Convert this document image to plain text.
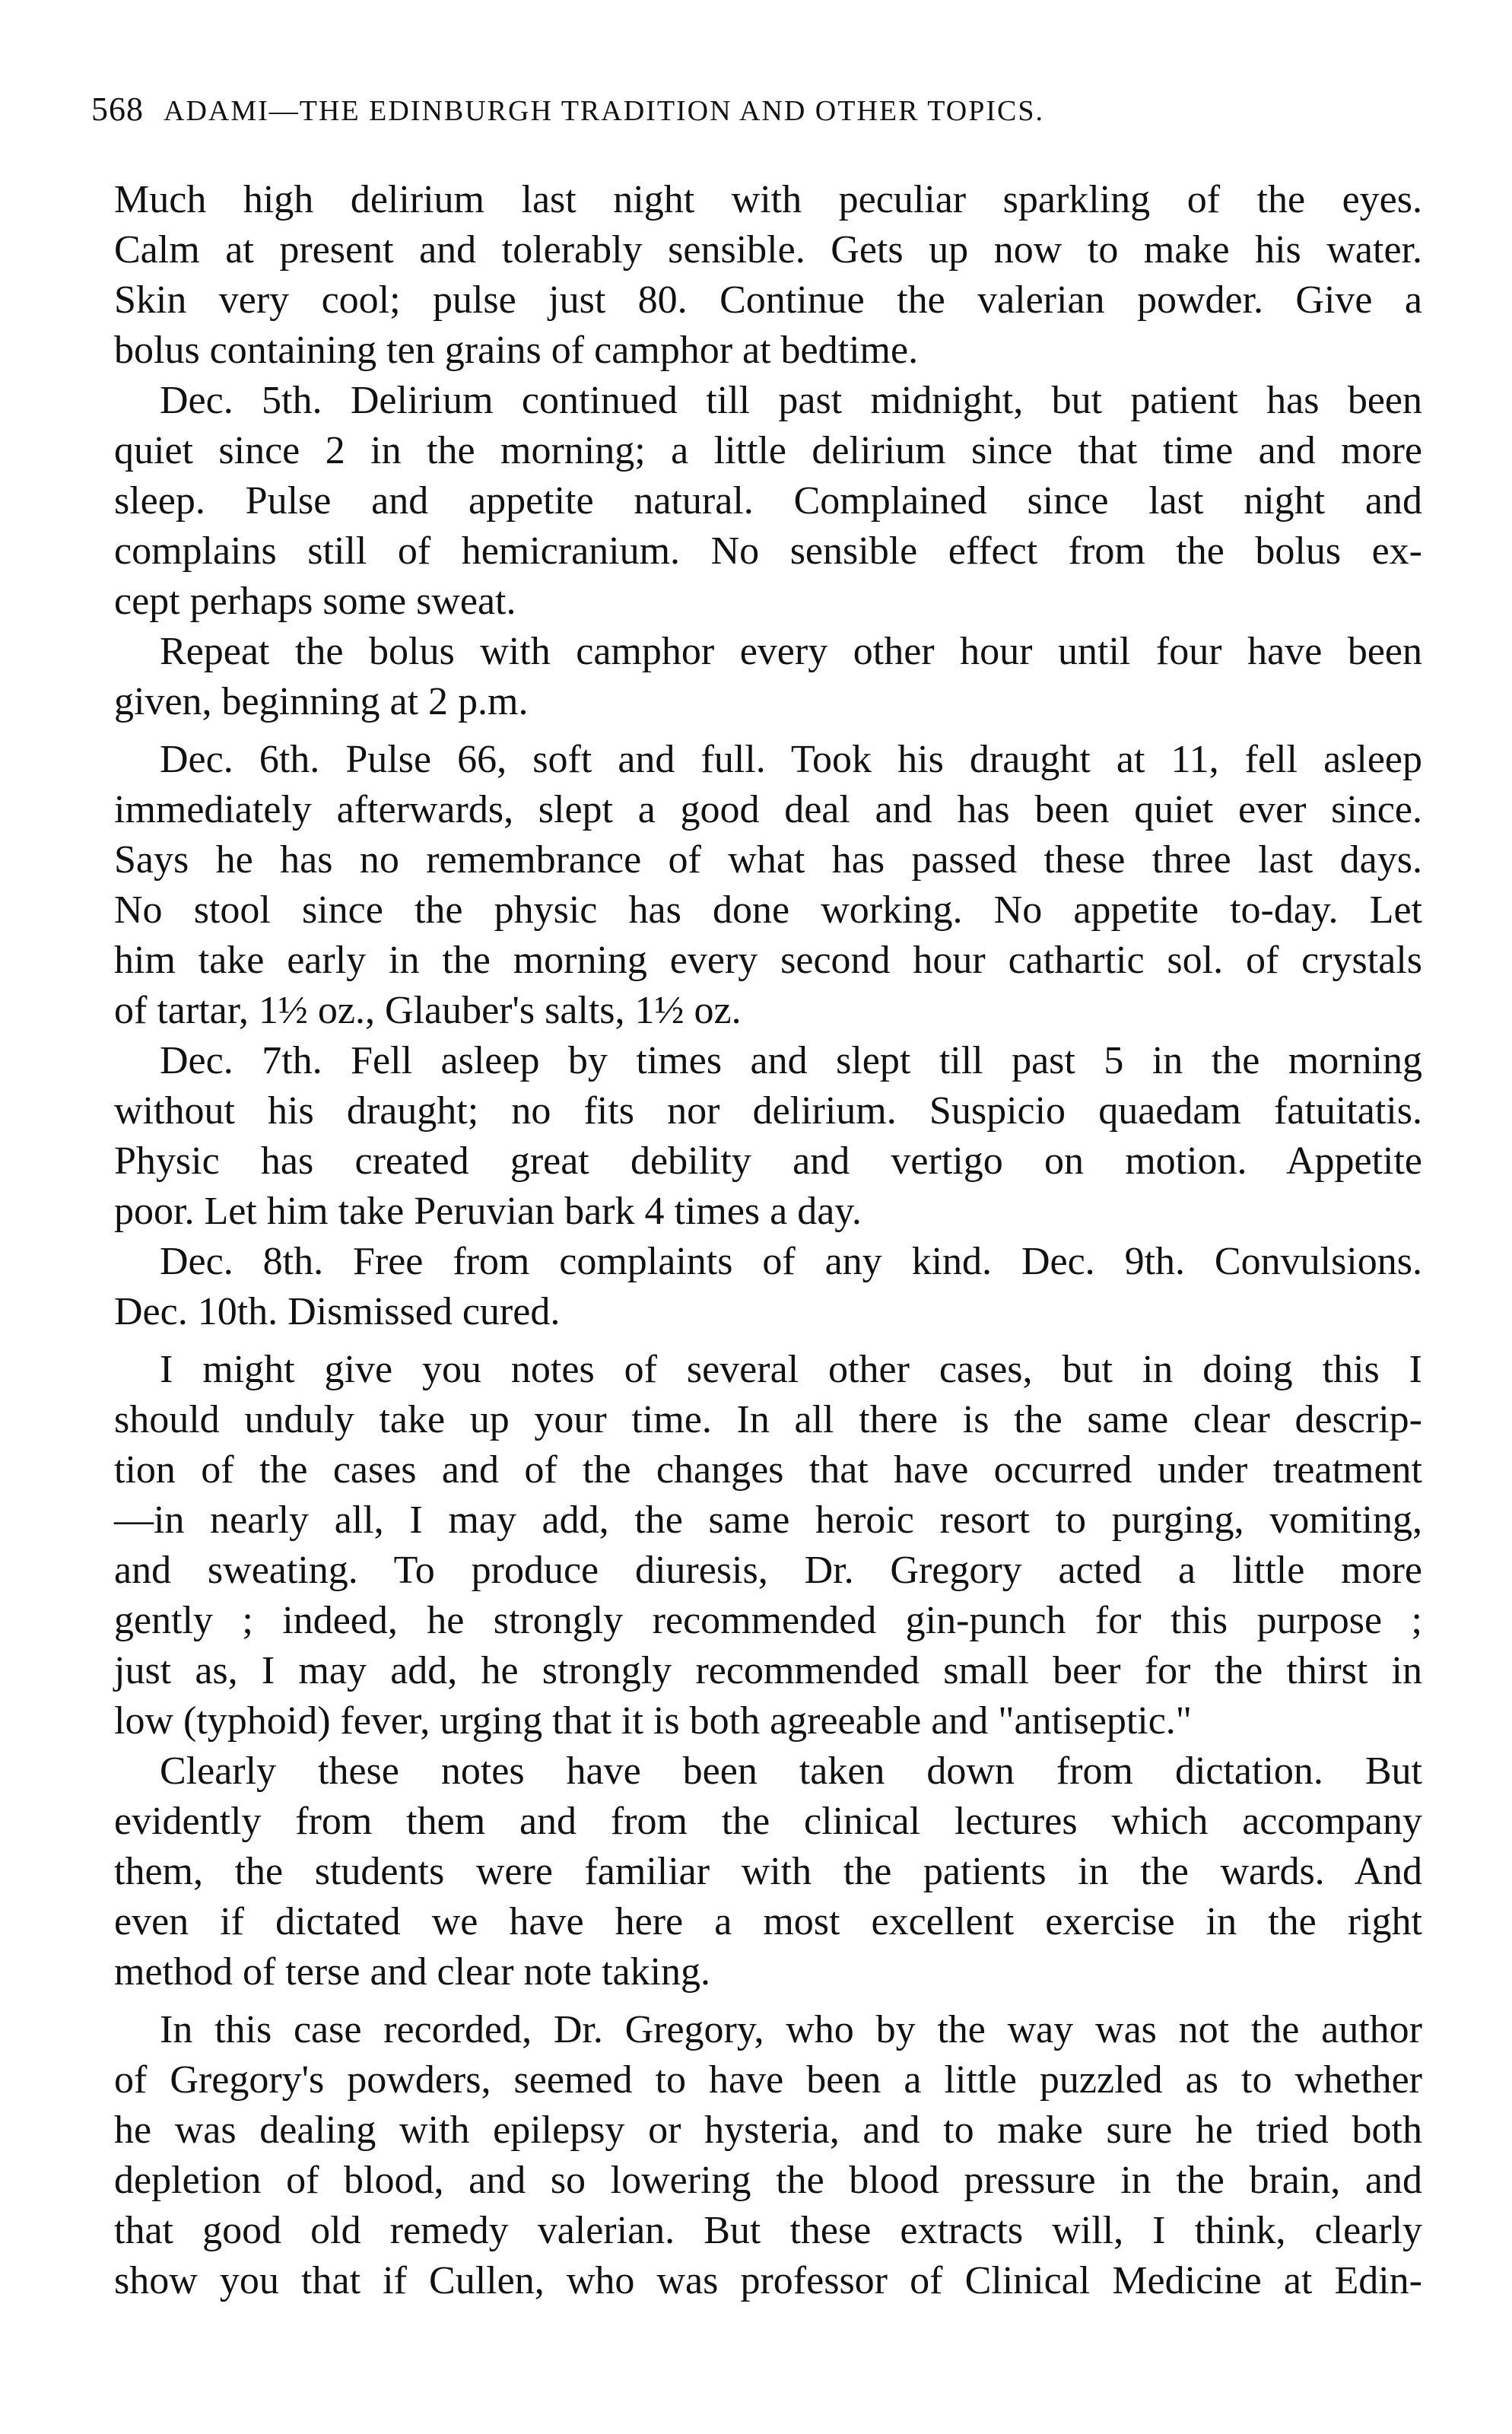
568 ADAMI—THE EDINBURGH TRADITION AND OTHER TOPICS.
Much high delirium last night with peculiar sparkling of the eyes.
Calm at present and tolerably sensible. Gets up now to make his water.
Skin very cool; pulse just 80. Continue the valerian powder. Give a
bolus containing ten grains of camphor at bedtime.
Dec. 5th. Delirium continued till past midnight, but patient has been
quiet since 2 in the morning; a little delirium since that time and more
sleep. Pulse and appetite natural. Complained since last night and
complains still of hemicranium. No sensible effect from the bolus ex-
cept perhaps some sweat.
Repeat the bolus with camphor every other hour until four have been
given, beginning at 2 p.m.
Dec. 6th. Pulse 66, soft and full. Took his draught at 11, fell asleep
immediately afterwards, slept a good deal and has been quiet ever since.
Says he has no remembrance of what has passed these three last days.
No stool since the physic has done working. No appetite to-day. Let
him take early in the morning every second hour cathartic sol. of crystals
of tartar, 1½ oz., Glauber's salts, 1½ oz.
Dec. 7th. Fell asleep by times and slept till past 5 in the morning
without his draught; no fits nor delirium. Suspicio quaedam fatuitatis.
Physic has created great debility and vertigo on motion. Appetite
poor. Let him take Peruvian bark 4 times a day.
Dec. 8th. Free from complaints of any kind. Dec. 9th. Convulsions.
Dec. 10th. Dismissed cured.
I might give you notes of several other cases, but in doing this I
should unduly take up your time. In all there is the same clear descrip-
tion of the cases and of the changes that have occurred under treatment
—in nearly all, I may add, the same heroic resort to purging, vomiting,
and sweating. To produce diuresis, Dr. Gregory acted a little more
gently ; indeed, he strongly recommended gin-punch for this purpose ;
just as, I may add, he strongly recommended small beer for the thirst in
low (typhoid) fever, urging that it is both agreeable and "antiseptic."
Clearly these notes have been taken down from dictation. But
evidently from them and from the clinical lectures which accompany
them, the students were familiar with the patients in the wards. And
even if dictated we have here a most excellent exercise in the right
method of terse and clear note taking.
In this case recorded, Dr. Gregory, who by the way was not the author
of Gregory's powders, seemed to have been a little puzzled as to whether
he was dealing with epilepsy or hysteria, and to make sure he tried both
depletion of blood, and so lowering the blood pressure in the brain, and
that good old remedy valerian. But these extracts will, I think, clearly
show you that if Cullen, who was professor of Clinical Medicine at Edin-
